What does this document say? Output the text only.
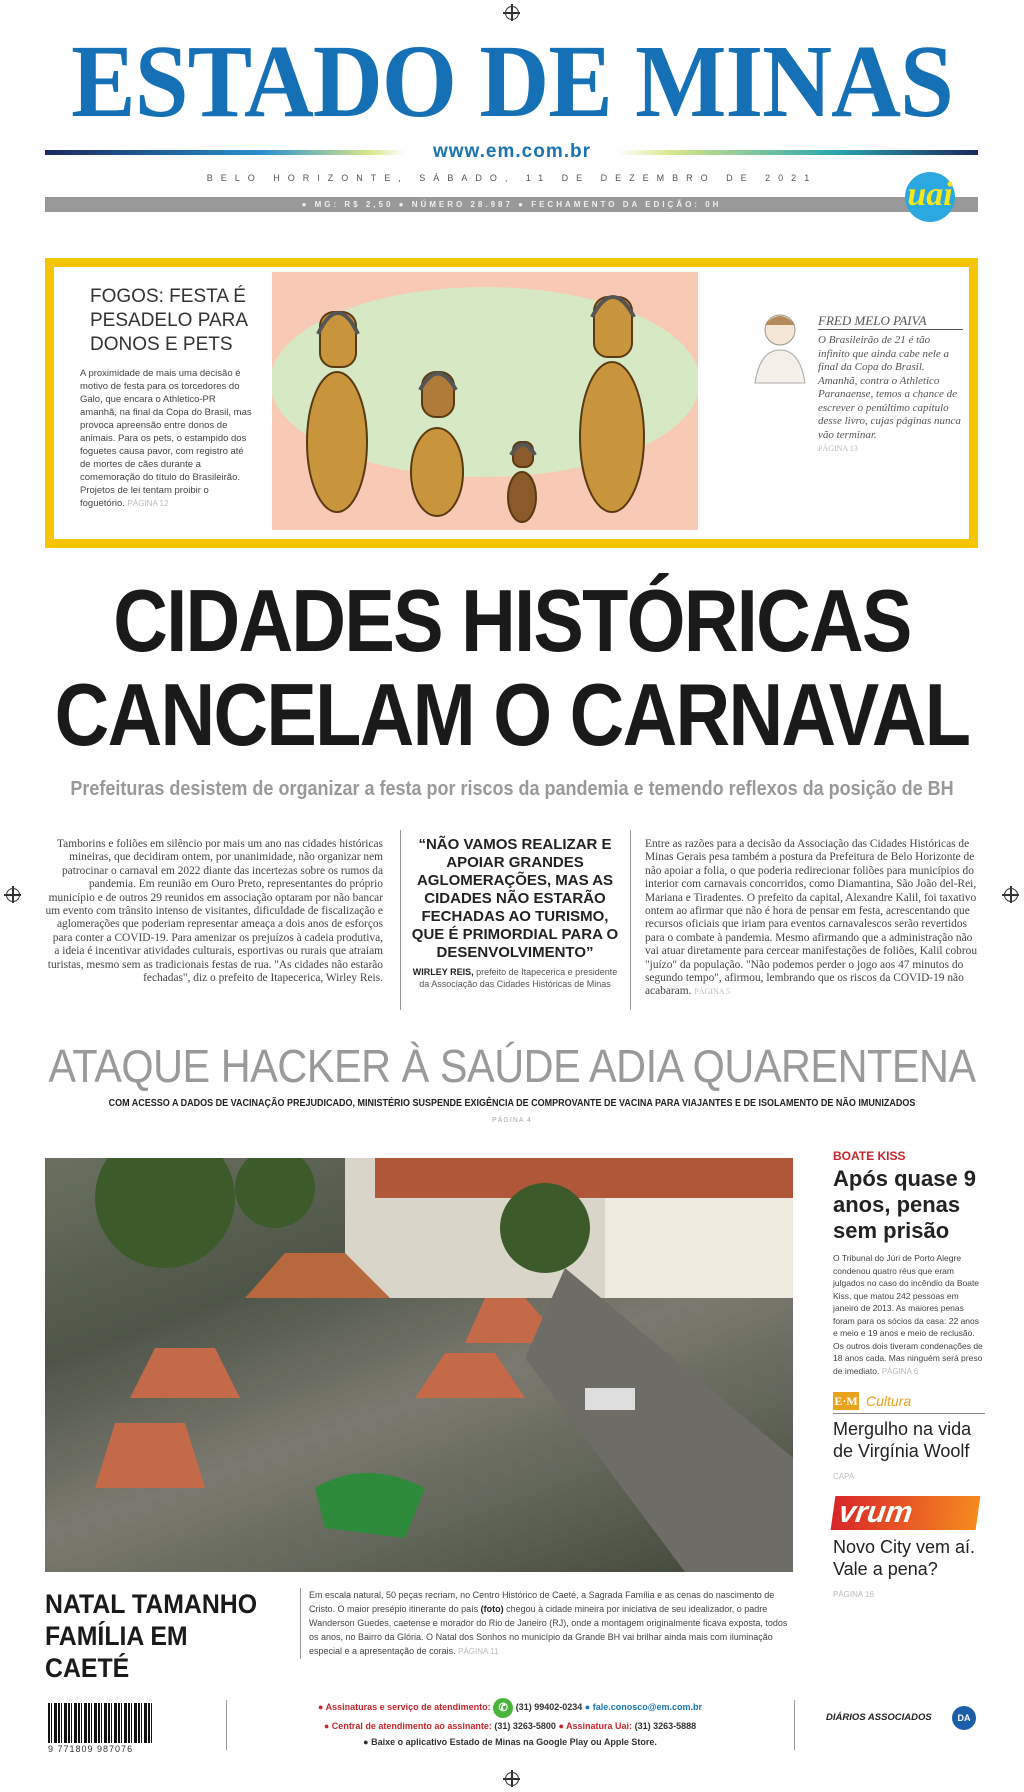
ESTADO DE MINAS
www.em.com.br
BELO HORIZONTE, SÁBADO, 11 DE DEZEMBRO DE 2021
● MG: R$ 2,50 ● NÚMERO 28.987 ● FECHAMENTO DA EDIÇÃO: 0H	uai
FOGOS: FESTA É PESADELO PARA DONOS E PETS
A proximidade de mais uma decisão é motivo de festa para os torcedores do Galo, que encara o Athletico-PR amanhã, na final da Copa do Brasil, mas provoca apreensão entre donos de animais. Para os pets, o estampido dos foguetes causa pavor, com registro até de mortes de cães durante a comemoração do título do Brasileirão. Projetos de lei tentam proibir o foguetório. PÁGINA 12
FRED MELO PAIVA
O Brasileirão de 21 é tão infinito que ainda cabe nele a final da Copa do Brasil. Amanhã, contra o Athletico Paranaense, temos a chance de escrever o penúltimo capítulo desse livro, cujas páginas nunca vão terminar.
PÁGINA 13
CIDADES HISTÓRICAS
CANCELAM O CARNAVAL
Prefeituras desistem de organizar a festa por riscos da pandemia e temendo reflexos da posição de BH
Tamborins e foliões em silêncio por mais um ano nas cidades históricas mineiras, que decidiram ontem, por unanimidade, não organizar nem patrocinar o carnaval em 2022 diante das incertezas sobre os rumos da pandemia. Em reunião em Ouro Preto, representantes do próprio município e de outros 29 reunidos em associação optaram por não bancar um evento com trânsito intenso de visitantes, dificuldade de fiscalização e aglomerações que poderiam representar ameaça a dois anos de esforços para conter a COVID-19. Para amenizar os prejuízos à cadeia produtiva, a ideia é incentivar atividades culturais, esportivas ou rurais que atraiam turistas, mesmo sem as tradicionais festas de rua. "As cidades não estarão fechadas", diz o prefeito de Itapecerica, Wirley Reis.
“NÃO VAMOS REALIZAR E APOIAR GRANDES AGLOMERAÇÕES, MAS AS CIDADES NÃO ESTARÃO FECHADAS AO TURISMO, QUE É PRIMORDIAL PARA O DESENVOLVIMENTO”
WIRLEY REIS, prefeito de Itapecerica e presidente da Associação das Cidades Históricas de Minas
Entre as razões para a decisão da Associação das Cidades Históricas de Minas Gerais pesa também a postura da Prefeitura de Belo Horizonte de não apoiar a folia, o que poderia redirecionar foliões para municípios do interior com carnavais concorridos, como Diamantina, São João del-Rei, Mariana e Tiradentes. O prefeito da capital, Alexandre Kalil, foi taxativo ontem ao afirmar que não é hora de pensar em festa, acrescentando que recursos oficiais que iriam para eventos carnavalescos serão revertidos para o combate à pandemia. Mesmo afirmando que a administração não vai atuar diretamente para cercear manifestações de foliões, Kalil cobrou "juízo" da população. "Não podemos perder o jogo aos 47 minutos do segundo tempo", afirmou, lembrando que os riscos da COVID-19 não acabaram. PÁGINA 5
ATAQUE HACKER À SAÚDE ADIA QUARENTENA
COM ACESSO A DADOS DE VACINAÇÃO PREJUDICADO, MINISTÉRIO SUSPENDE EXIGÊNCIA DE COMPROVANTE DE VACINA PARA VIAJANTES E DE ISOLAMENTO DE NÃO IMUNIZADOS
PÁGINA 4
BOATE KISS
Após quase 9 anos, penas sem prisão
O Tribunal do Júri de Porto Alegre condenou quatro réus que eram julgados no caso do incêndio da Boate Kiss, que matou 242 pessoas em janeiro de 2013. As maiores penas foram para os sócios da casa: 22 anos e meio e 19 anos e meio de reclusão. Os outros dois tiveram condenações de 18 anos cada. Mas ninguém será preso de imediato. PÁGINA 6
E·M Cultura
Mergulho na vida de Virgínia Woolf
CAPA
vrum
Novo City vem aí. Vale a pena?
PÁGINA 16
NATAL TAMANHO FAMÍLIA EM CAETÉ
Em escala natural, 50 peças recriam, no Centro Histórico de Caeté, a Sagrada Família e as cenas do nascimento de Cristo. O maior presépio itinerante do país (foto) chegou à cidade mineira por iniciativa de seu idealizador, o padre Wanderson Guedes, caetense e morador do Rio de Janeiro (RJ), onde a montagem originalmente ficava exposta, todos os anos, no Bairro da Glória. O Natal dos Sonhos no município da Grande BH vai brilhar ainda mais com iluminação especial e a apresentação de corais. PÁGINA 11
9 771809 987076
● Assinaturas e serviço de atendimento: ✆ (31) 99402-0234 ● fale.conosco@em.com.br
● Central de atendimento ao assinante: (31) 3263-5800 ● Assinatura Uai: (31) 3263-5888
● Baixe o aplicativo Estado de Minas na Google Play ou Apple Store.
DIÁRIOS ASSOCIADOS	DA
